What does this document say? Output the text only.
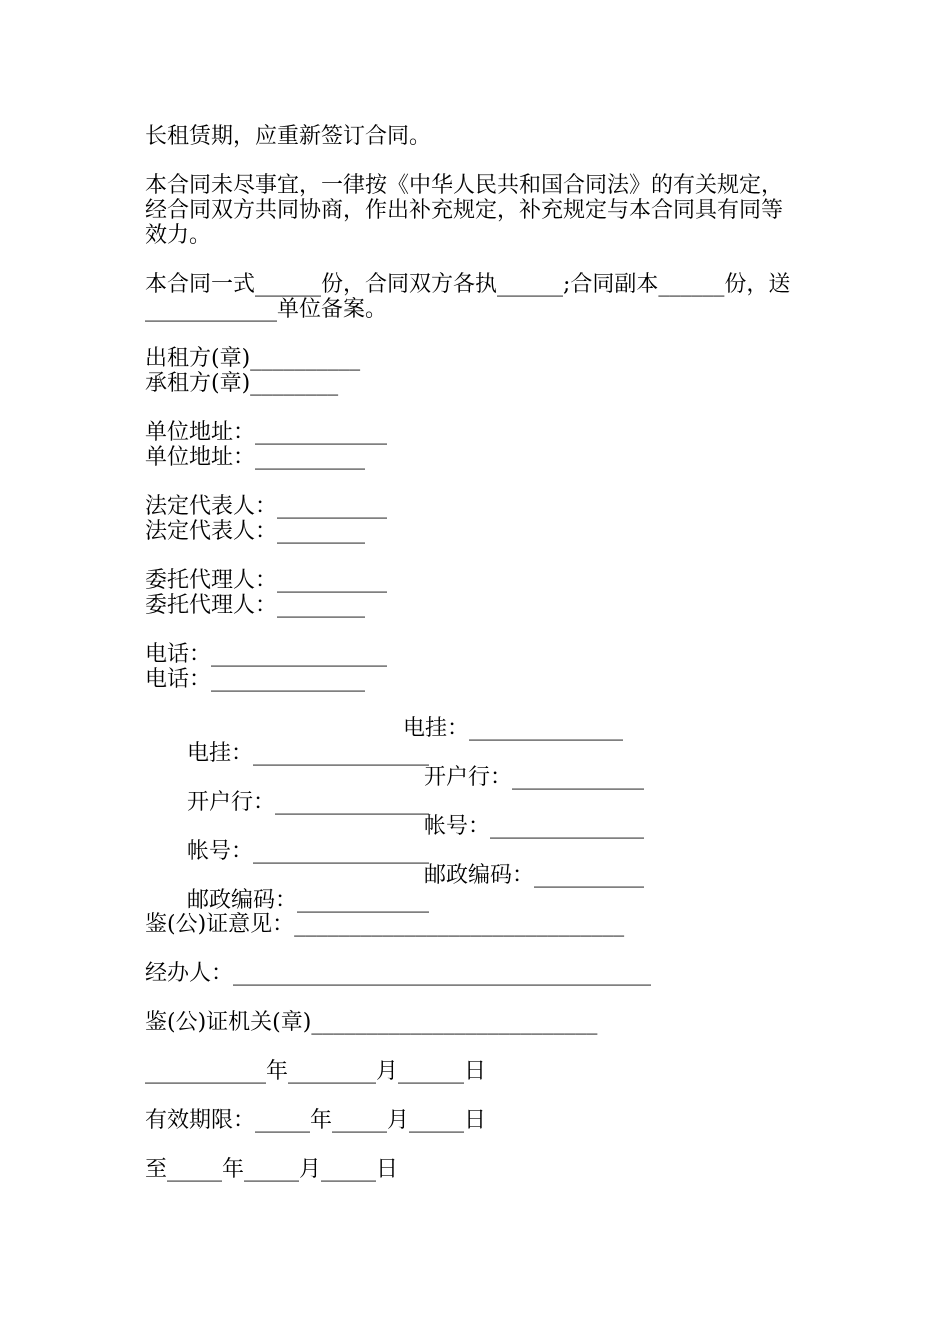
长租赁期，应重新签订合同。

本合同未尽事宜，一律按《中华人民共和国合同法》的有关规定，
经合同双方共同协商，作出补充规定，补充规定与本合同具有同等
效力。

本合同一式______份，合同双方各执______;合同副本______份，送
____________单位备案。

出租方(章)__________
承租方(章)________
单位地址：____________
单位地址：__________
法定代表人：__________
法定代表人：________
委托代理人：__________
委托代理人：________
电话：________________
电话：______________

电挂：________________

电挂：______________

开户行：______________

开户行：____________

帐号：________________

帐号：______________

邮政编码：____________

邮政编码：__________

鉴(公)证意见：______________________________
经办人：______________________________________
鉴(公)证机关(章)__________________________
___________年________月______日
有效期限：_____年_____月_____日
至_____年_____月_____日
